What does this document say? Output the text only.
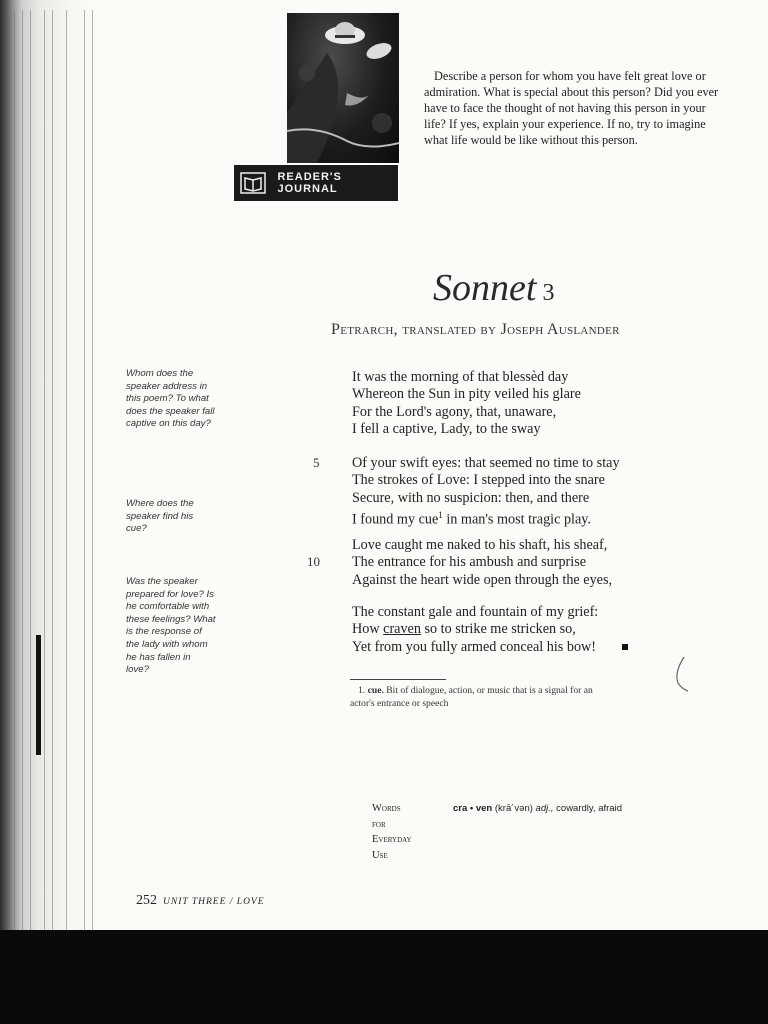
READER'S JOURNAL
Describe a person for whom you have felt great love or admiration. What is special about this person? Did you ever have to face the thought of not having this person in your life? If yes, explain your experience. If no, try to imagine what life would be like without this person.
Sonnet 3
Petrarch, translated by Joseph Auslander
Whom does the speaker address in this poem? To what does the speaker fall captive on this day?
Where does the speaker find his cue?
Was the speaker prepared for love? Is he comfortable with these feelings? What is the response of the lady with whom he has fallen in love?
It was the morning of that blessèd day
Whereon the Sun in pity veiled his glare
For the Lord's agony, that, unaware,
I fell a captive, Lady, to the sway
5 Of your swift eyes: that seemed no time to stay
The strokes of Love: I stepped into the snare
Secure, with no suspicion: then, and there
I found my cue$^1$ in man's most tragic play.
10
Love caught me naked to his shaft, his sheaf,
The entrance for his ambush and surprise
Against the heart wide open through the eyes,
The constant gale and fountain of my grief:
How craven so to strike me stricken so,
Yet from you fully armed conceal his bow!
1. cue. Bit of dialogue, action, or music that is a signal for an actor's entrance or speech
Words
for
Everyday
Use
cra • ven (krā´vən) adj., cowardly, afraid
252 UNIT THREE / LOVE
